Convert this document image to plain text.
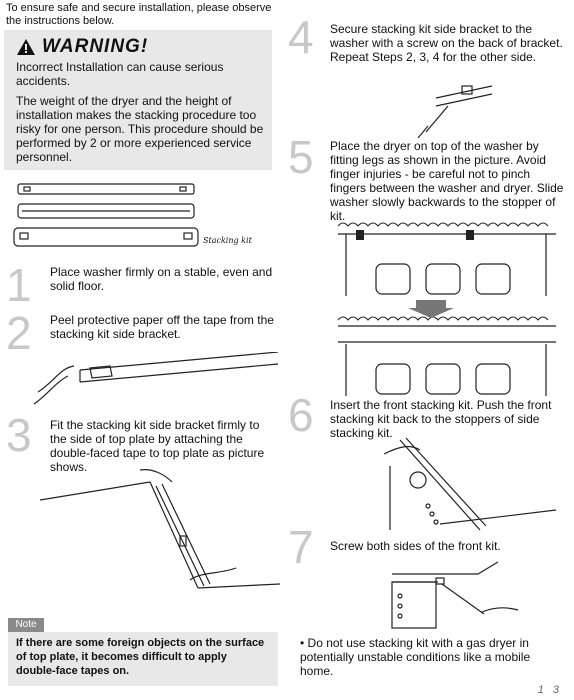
To ensure safe and secure installation, please observe the instructions below.
WARNING!
Incorrect Installation can cause serious accidents.
The weight of the dryer and the height of installation makes the stacking procedure too risky for one person. This procedure should be performed by 2 or more experienced service personnel.
Stacking kit
1 Place washer firmly on a stable, even and solid floor.
2 Peel protective paper off the tape from the stacking kit side bracket.
3 Fit the stacking kit side bracket firmly to the side of top plate by attaching the double-faced tape to top plate as picture shows.
Note
If there are some foreign objects on the surface of top plate, it becomes difficult to apply double-face tapes on.
4 Secure stacking kit side bracket to the washer with a screw on the back of bracket. Repeat Steps 2, 3, 4 for the other side.
5 Place the dryer on top of the washer by fitting legs as shown in the picture. Avoid finger injuries - be careful not to pinch fingers between the washer and dryer. Slide washer slowly backwards to the stopper of kit.
6 Insert the front stacking kit. Push the front stacking kit back to the stoppers of side stacking kit.
7 Screw both sides of the front kit.
• Do not use stacking kit with a gas dryer in potentially unstable conditions like a mobile home.
1 3
